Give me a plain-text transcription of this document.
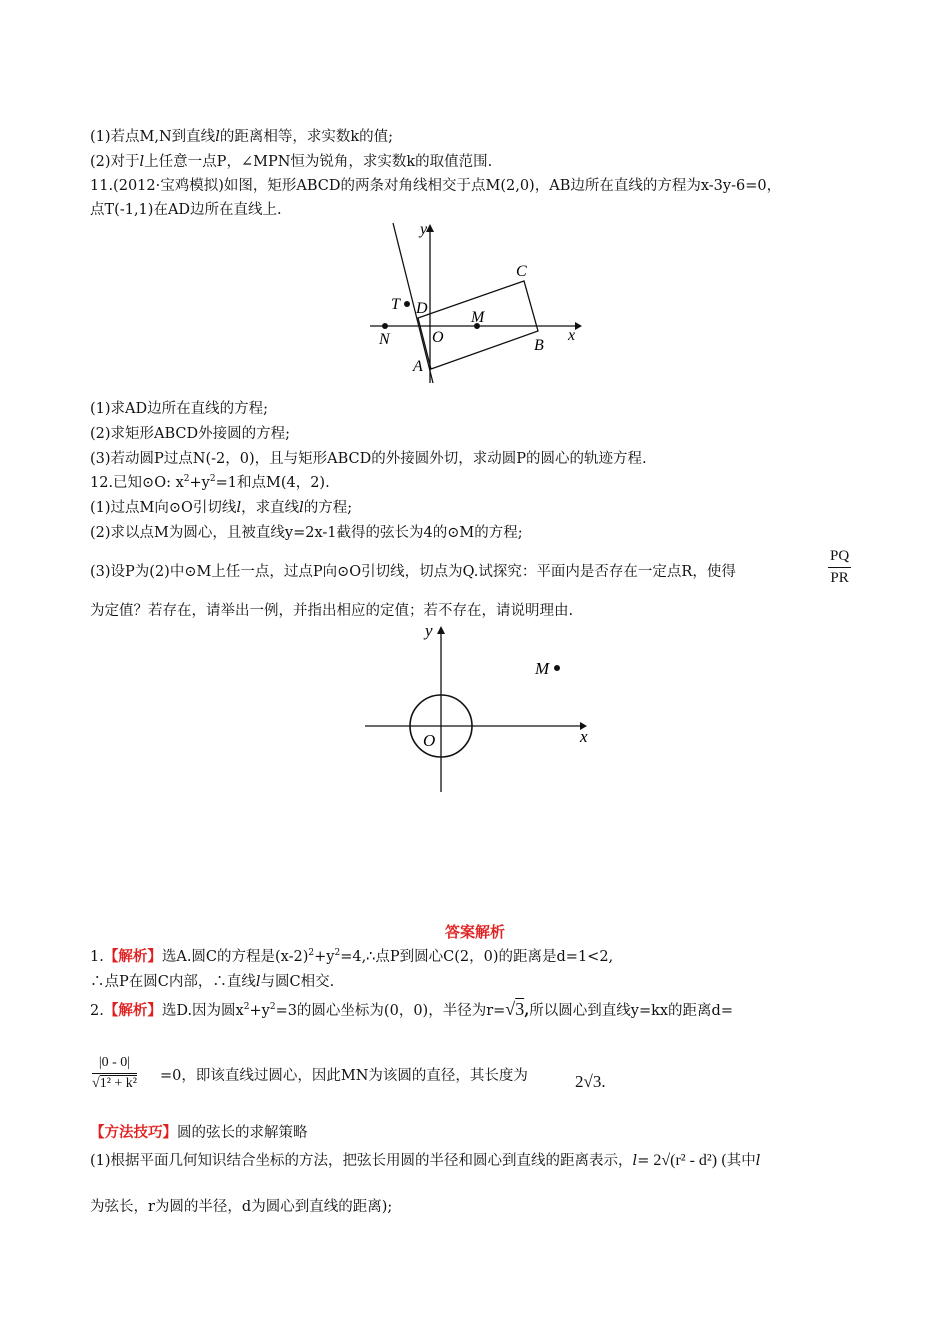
(1)若点M,N到直线l的距离相等，求实数k的值;
(2)对于l上任意一点P，∠MPN恒为锐角，求实数k的取值范围.
11.(2012·宝鸡模拟)如图，矩形ABCD的两条对角线相交于点M(2,0)，AB边所在直线的方程为x-3y-6=0，
点T(-1,1)在AD边所在直线上.
y
x
C
T D
M
N	O	B
A
(1)求AD边所在直线的方程;
(2)求矩形ABCD外接圆的方程;
(3)若动圆P过点N(-2，0)，且与矩形ABCD的外接圆外切，求动圆P的圆心的轨迹方程.
12.已知⊙O: $x^2+y^2=1$和点M(4，2).
(1)过点M向⊙O引切线l，求直线l的方程;
(2)求以点M为圆心，且被直线y=2x-1截得的弦长为4的⊙M的方程;
(3)设P为(2)中⊙M上任一点，过点P向⊙O引切线，切点为Q.试探究：平面内是否存在一定点R，使得	$\frac{PQ}{PR}$
为定值？若存在，请举出一例，并指出相应的定值；若不存在，请说明理由.
y
x
M
O
答案解析
1.【解析】选A.圆C的方程是$(x-2)^2+y^2=4,\therefore$点P到圆心C(2，0)的距离是d=1<2,
∴点P在圆C内部，∴直线l与圆C相交.
2.【解析】选D.因为圆$x^2+y^2=3$的圆心坐标为(0，0)，半径为r=√3,所以圆心到直线y=kx的距离d=
$\frac{|0 - 0|}{\text{√1² + k²}} =0$，即该直线过圆心，因此MN为该圆的直径，其长度为	2√3.
【方法技巧】圆的弦长的求解策略
(1)根据平面几何知识结合坐标的方法，把弦长用圆的半径和圆心到直线的距离表示，l= 2√(r² - d²) (其中l
为弦长，r为圆的半径，d为圆心到直线的距离);
